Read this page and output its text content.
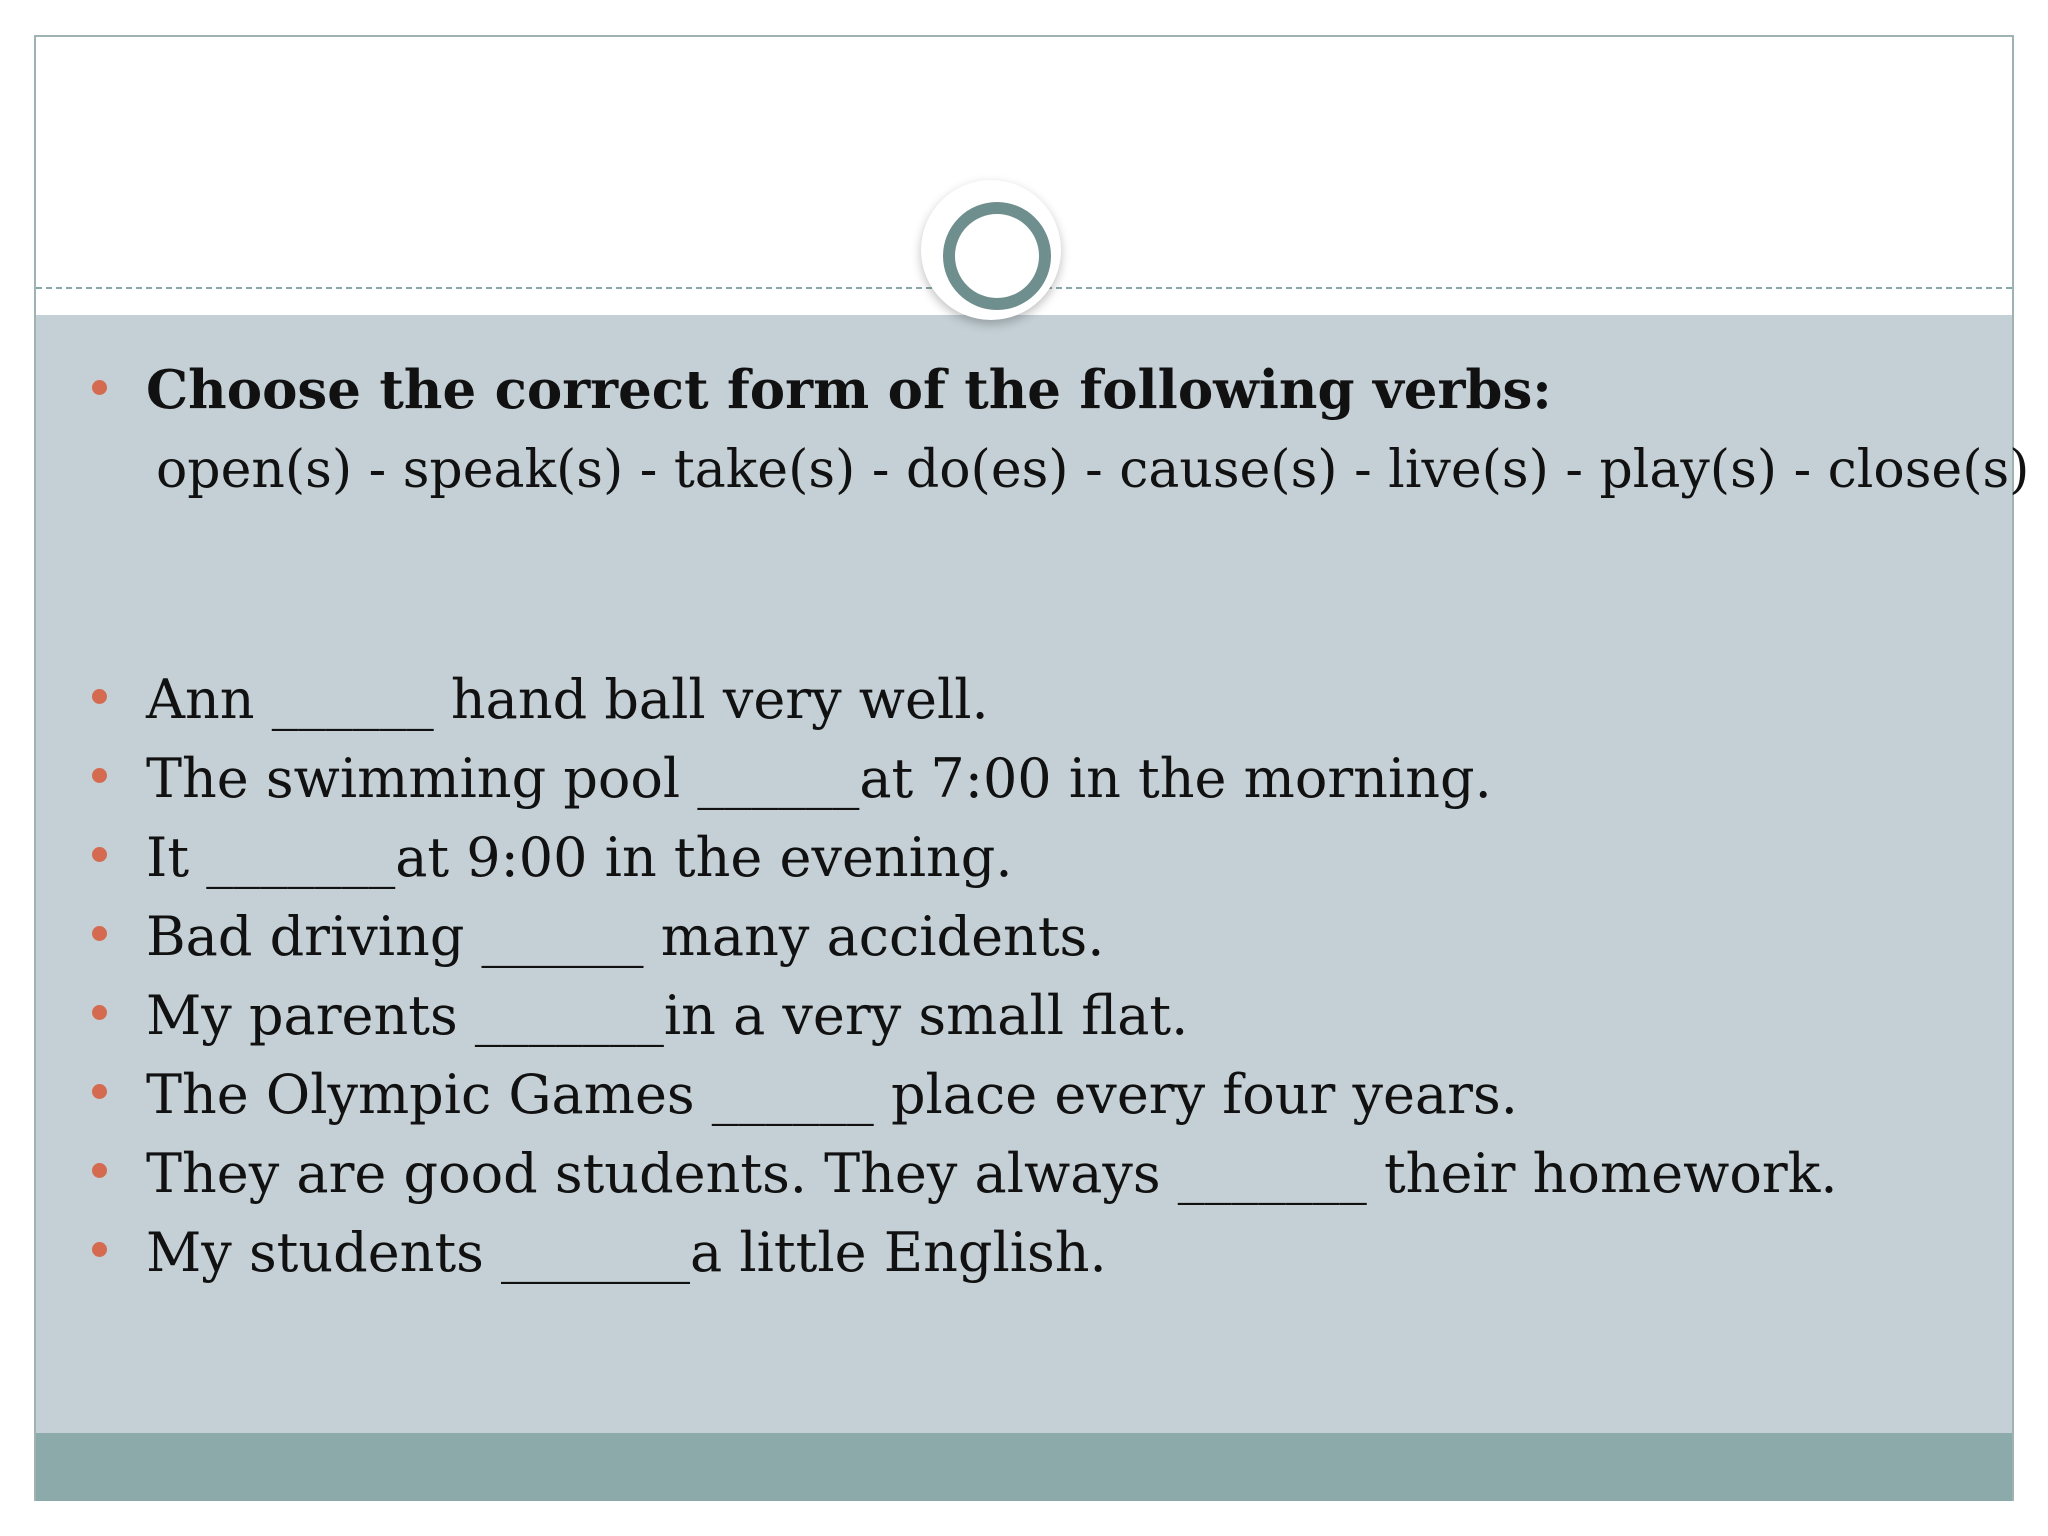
Choose the correct form of the following verbs:
open(s) - speak(s) - take(s) - do(es) - cause(s) - live(s) - play(s) - close(s)
Ann ______ hand ball very well.
The swimming pool ______at 7:00 in the morning.
It _______at 9:00 in the evening.
Bad driving ______ many accidents.
My parents _______in a very small flat.
The Olympic Games ______ place every four years.
They are good students. They always _______ their homework.
My students _______a little English.
